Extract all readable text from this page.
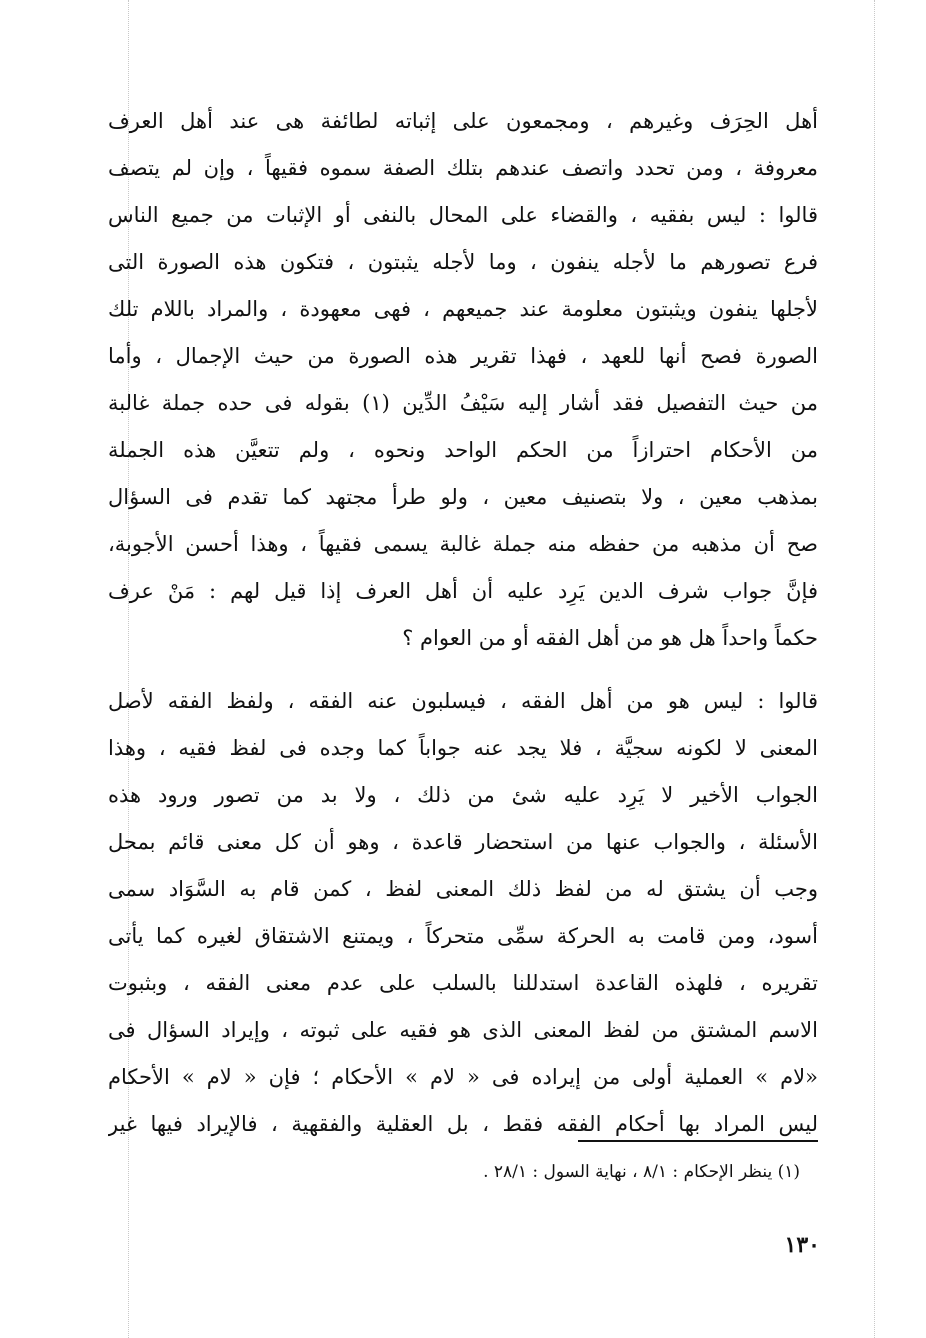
أهل الحِرَف وغيرهم ، ومجمعون على إثباته لطائفة هى عند أهل العرف
معروفة ، ومن تحدد واتصف عندهم بتلك الصفة سموه فقيهاً ، وإن لم يتصف
قالوا : ليس بفقيه ، والقضاء على المحال بالنفى أو الإثبات من جميع الناس
فرع تصورهم ما لأجله ينفون ، وما لأجله يثبتون ، فتكون هذه الصورة التى
لأجلها ينفون ويثبتون معلومة عند جميعهم ، فهى معهودة ، والمراد باللام تلك
الصورة فصح أنها للعهد ، فهذا تقرير هذه الصورة من حيث الإجمال ، وأما
من حيث التفصيل فقد أشار إليه سَيْفُ الدِّين (١) بقوله فى حده جملة غالبة
من الأحكام احترازاً من الحكم الواحد ونحوه ، ولم تتعيَّن هذه الجملة
بمذهب معين ، ولا بتصنيف معين ، ولو طرأ مجتهد كما تقدم فى السؤال
صح أن مذهبه من حفظه منه جملة غالبة يسمى فقيهاً ، وهذا أحسن الأجوبة،
فإنَّ جواب شرف الدين يَرِد عليه أن أهل العرف إذا قيل لهم : مَنْ عرف
حكماً واحداً هل هو من أهل الفقه أو من العوام ؟
قالوا : ليس هو من أهل الفقه ، فيسلبون عنه الفقه ، ولفظ الفقه لأصل
المعنى لا لكونه سجيَّة ، فلا يجد عنه جواباً كما وجده فى لفظ فقيه ، وهذا
الجواب الأخير لا يَرِد عليه شئ من ذلك ، ولا بد من تصور ورود هذه
الأسئلة ، والجواب عنها من استحضار قاعدة ، وهو أن كل معنى قائم بمحل
وجب أن يشتق له من لفظ ذلك المعنى لفظ ، كمن قام به السَّوَاد سمى
أسود، ومن قامت به الحركة سمِّى متحركاً ، ويمتنع الاشتقاق لغيره كما يأتى
تقريره ، فلهذه القاعدة استدللنا بالسلب على عدم معنى الفقه ، وبثبوت
الاسم المشتق من لفظ المعنى الذى هو فقيه على ثبوته ، وإيراد السؤال فى
«لام » العملية أولى من إيراده فى « لام » الأحكام ؛ فإن « لام » الأحكام
ليس المراد بها أحكام الفقه فقط ، بل العقلية والفقهية ، فالإيراد فيها غير
(١) ينظر الإحكام : ٨/١ ، نهاية السول : ٢٨/١ .
١٣٠
